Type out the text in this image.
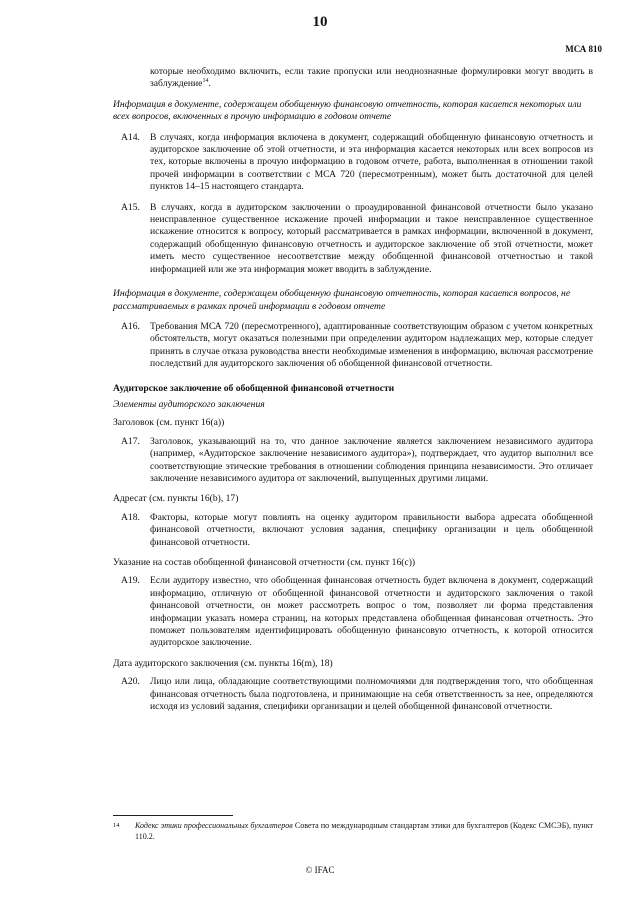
10
МСА 810

которые необходимо включить, если такие пропуски или неоднозначные формулировки могут вводить в заблуждение$^{14}$.

Информация в документе, содержащем обобщенную финансовую отчетность, которая касается некоторых или всех вопросов, включенных в прочую информацию в годовом отчете

A14.	В случаях, когда информация включена в документ, содержащий обобщенную финансовую отчетность и аудиторское заключение об этой отчетности, и эта информация касается некоторых или всех вопросов из тех, которые включены в прочую информацию в годовом отчете, работа, выполненная в отношении такой прочей информации в соответствии с МСА 720 (пересмотренным), может быть достаточной для целей пунктов 14–15 настоящего стандарта.
A15.	В случаях, когда в аудиторском заключении о проаудированной финансовой отчетности было указано неисправленное существенное искажение прочей информации и такое неисправленное существенное искажение относится к вопросу, который рассматривается в рамках информации, включенной в документ, содержащий обобщенную финансовую отчетность и аудиторское заключение об этой отчетности, может иметь место существенное несоответствие между обобщенной финансовой отчетностью и такой информацией или же эта информация может вводить в заблуждение.

Информация в документе, содержащем обобщенную финансовую отчетность, которая касается вопросов, не рассматриваемых в рамках прочей информации в годовом отчете

A16.	Требования МСА 720 (пересмотренного), адаптированные соответствующим образом с учетом конкретных обстоятельств, могут оказаться полезными при определении аудитором надлежащих мер, которые следует принять в случае отказа руководства внести необходимые изменения в информацию, включая рассмотрение последствий для аудиторского заключения об обобщенной финансовой отчетности.

Аудиторское заключение об обобщенной финансовой отчетности

Элементы аудиторского заключения

Заголовок (см. пункт 16(a))

A17.	Заголовок, указывающий на то, что данное заключение является заключением независимого аудитора (например, «Аудиторское заключение независимого аудитора»), подтверждает, что аудитор выполнил все соответствующие этические требования в отношении соблюдения принципа независимости. Это отличает заключение независимого аудитора от заключений, выпущенных другими лицами.

Адресат (см. пункты 16(b), 17)

A18.	Факторы, которые могут повлиять на оценку аудитором правильности выбора адресата обобщенной финансовой отчетности, включают условия задания, специфику организации и цель обобщенной финансовой отчетности.

Указание на состав обобщенной финансовой отчетности (см. пункт 16(c))

A19.	Если аудитору известно, что обобщенная финансовая отчетность будет включена в документ, содержащий информацию, отличную от обобщенной финансовой отчетности и аудиторского заключения о такой финансовой отчетности, он может рассмотреть вопрос о том, позволяет ли форма представления информации указать номера страниц, на которых представлена обобщенная финансовая отчетность. Это поможет пользователям идентифицировать обобщенную финансовую отчетность, к которой относится аудиторское заключение.

Дата аудиторского заключения (см. пункты 16(m), 18)

A20.	Лицо или лица, обладающие соответствующими полномочиями для подтверждения того, что обобщенная финансовая отчетность была подготовлена, и принимающие на себя ответственность за нее, определяются исходя из условий задания, специфики организации и целей обобщенной финансовой отчетности.
14	Кодекс этики профессиональных бухгалтеров Совета по международным стандартам этики для бухгалтеров (Кодекс СМСЭБ), пункт 110.2.
© IFAC
